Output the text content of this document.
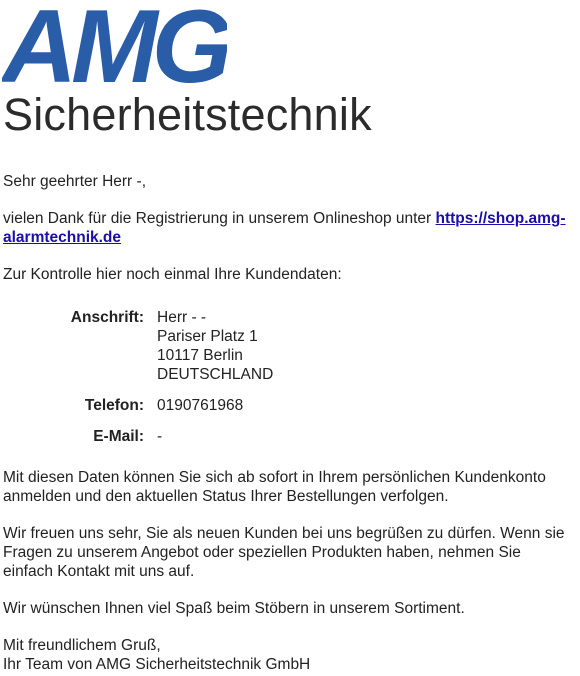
AMG
Sicherheitstechnik

Sehr geehrter Herr -,

vielen Dank für die Registrierung in unserem Onlineshop unter https://shop.amg-alarmtechnik.de

Zur Kontrolle hier noch einmal Ihre Kundendaten:

Anschrift:	Herr - -
Pariser Platz 1
10117 Berlin
DEUTSCHLAND

Telefon:	0190761968
E-Mail:	-

Mit diesen Daten können Sie sich ab sofort in Ihrem persönlichen Kundenkonto anmelden und den aktuellen Status Ihrer Bestellungen verfolgen.

Wir freuen uns sehr, Sie als neuen Kunden bei uns begrüßen zu dürfen. Wenn sie Fragen zu unserem Angebot oder speziellen Produkten haben, nehmen Sie einfach Kontakt mit uns auf.

Wir wünschen Ihnen viel Spaß beim Stöbern in unserem Sortiment.

Mit freundlichem Gruß,

Ihr Team von AMG Sicherheitstechnik GmbH
